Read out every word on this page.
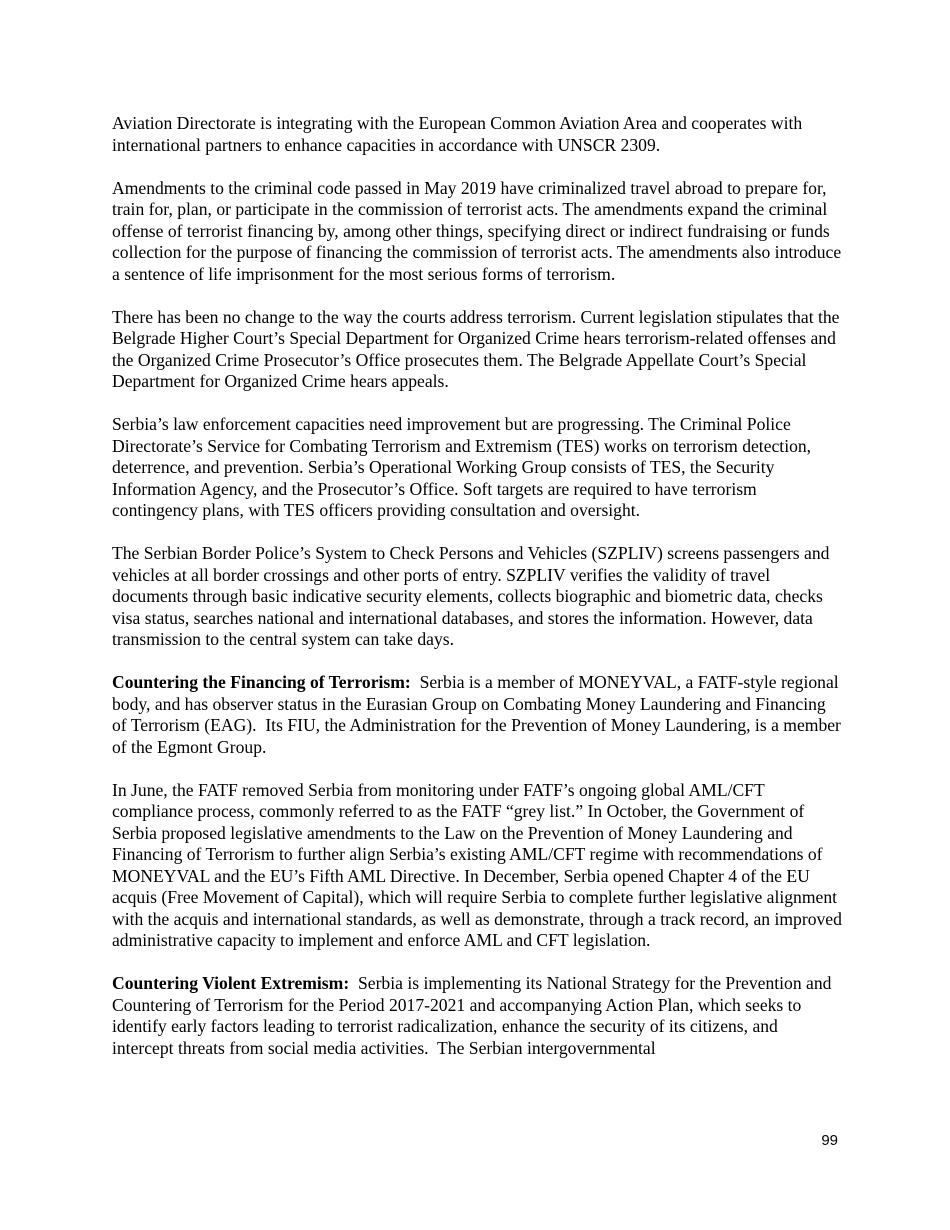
Aviation Directorate is integrating with the European Common Aviation Area and cooperates with international partners to enhance capacities in accordance with UNSCR 2309.

Amendments to the criminal code passed in May 2019 have criminalized travel abroad to prepare for, train for, plan, or participate in the commission of terrorist acts. The amendments expand the criminal offense of terrorist financing by, among other things, specifying direct or indirect fundraising or funds collection for the purpose of financing the commission of terrorist acts. The amendments also introduce a sentence of life imprisonment for the most serious forms of terrorism.

There has been no change to the way the courts address terrorism. Current legislation stipulates that the Belgrade Higher Court’s Special Department for Organized Crime hears terrorism-related offenses and the Organized Crime Prosecutor’s Office prosecutes them. The Belgrade Appellate Court’s Special Department for Organized Crime hears appeals.

Serbia’s law enforcement capacities need improvement but are progressing. The Criminal Police Directorate’s Service for Combating Terrorism and Extremism (TES) works on terrorism detection, deterrence, and prevention. Serbia’s Operational Working Group consists of TES, the Security Information Agency, and the Prosecutor’s Office. Soft targets are required to have terrorism contingency plans, with TES officers providing consultation and oversight.

The Serbian Border Police’s System to Check Persons and Vehicles (SZPLIV) screens passengers and vehicles at all border crossings and other ports of entry. SZPLIV verifies the validity of travel documents through basic indicative security elements, collects biographic and biometric data, checks visa status, searches national and international databases, and stores the information. However, data transmission to the central system can take days.

Countering the Financing of Terrorism:  Serbia is a member of MONEYVAL, a FATF-style regional body, and has observer status in the Eurasian Group on Combating Money Laundering and Financing of Terrorism (EAG).  Its FIU, the Administration for the Prevention of Money Laundering, is a member of the Egmont Group.

In June, the FATF removed Serbia from monitoring under FATF’s ongoing global AML/CFT compliance process, commonly referred to as the FATF “grey list.” In October, the Government of Serbia proposed legislative amendments to the Law on the Prevention of Money Laundering and Financing of Terrorism to further align Serbia’s existing AML/CFT regime with recommendations of MONEYVAL and the EU’s Fifth AML Directive. In December, Serbia opened Chapter 4 of the EU acquis (Free Movement of Capital), which will require Serbia to complete further legislative alignment with the acquis and international standards, as well as demonstrate, through a track record, an improved administrative capacity to implement and enforce AML and CFT legislation.

Countering Violent Extremism:  Serbia is implementing its National Strategy for the Prevention and Countering of Terrorism for the Period 2017-2021 and accompanying Action Plan, which seeks to identify early factors leading to terrorist radicalization, enhance the security of its citizens, and intercept threats from social media activities.  The Serbian intergovernmental

99
